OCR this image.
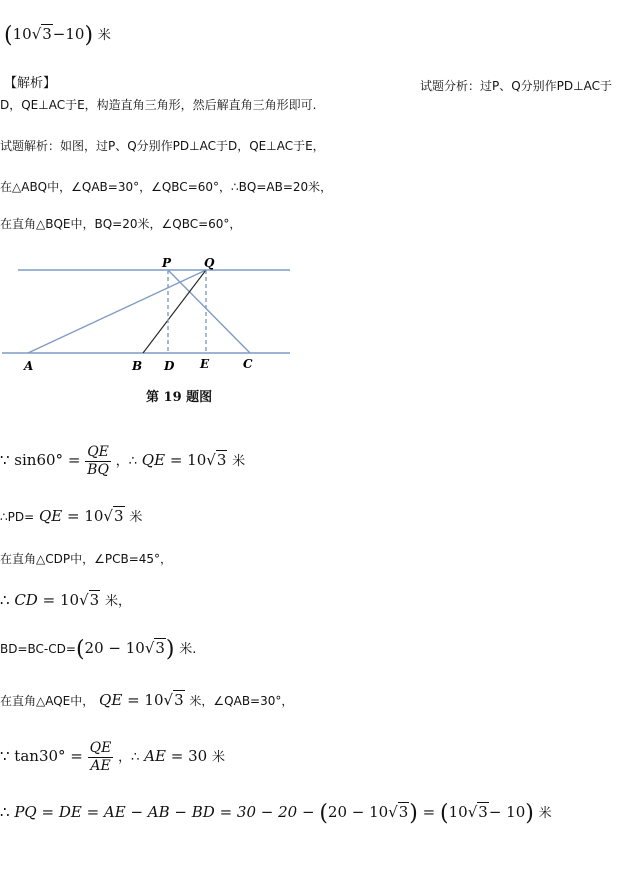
(10√3−10) 米
【解析】	试题分析：过P、Q分别作PD⊥AC于
D，QE⊥AC于E，构造直角三角形，然后解直角三角形即可.
试题解析：如图，过P、Q分别作PD⊥AC于D，QE⊥AC于E，
在△ABQ中，∠QAB=30°，∠QBC=60°，∴BQ=AB=20米，
在直角△BQE中，BQ=20米，∠QBC=60°，
P	Q
A	B D E	C
第 19 题图
∵ $\sin 60^\circ = \frac{QE}{BQ}$ ，∴ QE = 10√3 米
∴PD= QE = 10√3 米
在直角△CDP中，∠PCB=45°，
∴ CD = 10√3 米，
BD=BC-CD=(20 − 10√3) 米.
在直角△AQE中， QE = 10√3 米，∠QAB=30°，
∵ $\tan 30^\circ = \frac{QE}{AE}$ ，∴ AE = 30 米
∴ PQ = DE = AE − AB − BD = 30 − 20 − (20 − 10√3) = (10√3− 10) 米
